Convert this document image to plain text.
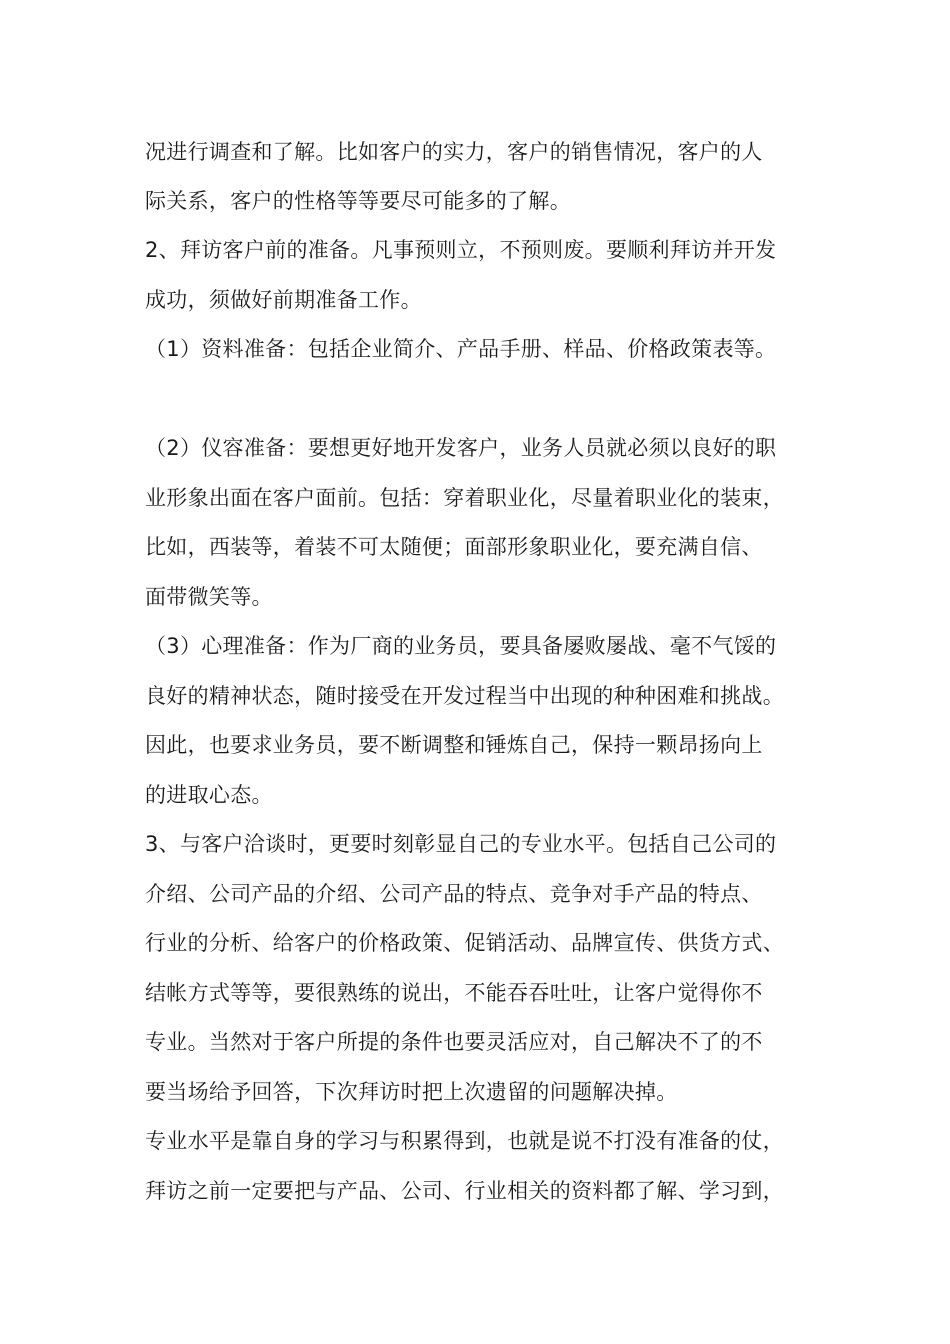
况进行调查和了解。比如客户的实力，客户的销售情况，客户的人
际关系，客户的性格等等要尽可能多的了解。
2、拜访客户前的准备。凡事预则立，不预则废。要顺利拜访并开发
成功，须做好前期准备工作。
（1）资料准备：包括企业简介、产品手册、样品、价格政策表等。
（2）仪容准备：要想更好地开发客户，业务人员就必须以良好的职
业形象出面在客户面前。包括：穿着职业化，尽量着职业化的装束，
比如，西装等，着装不可太随便；面部形象职业化，要充满自信、
面带微笑等。
（3）心理准备：作为厂商的业务员，要具备屡败屡战、毫不气馁的
良好的精神状态，随时接受在开发过程当中出现的种种困难和挑战。
因此，也要求业务员，要不断调整和锤炼自己，保持一颗昂扬向上
的进取心态。
3、与客户洽谈时，更要时刻彰显自己的专业水平。包括自己公司的
介绍、公司产品的介绍、公司产品的特点、竞争对手产品的特点、
行业的分析、给客户的价格政策、促销活动、品牌宣传、供货方式、
结帐方式等等，要很熟练的说出，不能吞吞吐吐，让客户觉得你不
专业。当然对于客户所提的条件也要灵活应对，自己解决不了的不
要当场给予回答，下次拜访时把上次遗留的问题解决掉。
专业水平是靠自身的学习与积累得到，也就是说不打没有准备的仗，
拜访之前一定要把与产品、公司、行业相关的资料都了解、学习到，
